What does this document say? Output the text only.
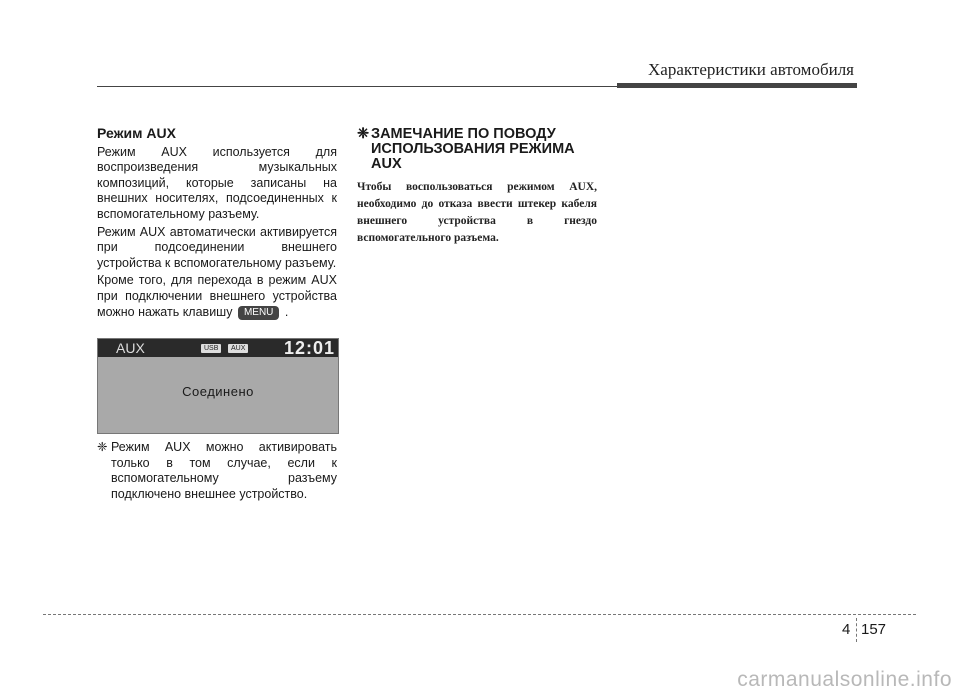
Характеристики автомобиля
Режим AUX

Режим AUX используется для воспроизведения музыкальных композиций, которые записаны на внешних носителях, подсоединенных к вспомогательному разъему.

Режим AUX автоматически активируется при подсоединении внешнего устройства к вспомогательному разъему.

Кроме того, для перехода в режим AUX при подключении внешнего устройства можно нажать клавишу MENU .

AUX	USB	AUX 12:01
Соединено
❈ Режим AUX можно активировать только в том случае, если к вспомогательному разъему подключено внешнее устройство.
❈ ЗАМЕЧАНИЕ ПО ПОВОДУ ИСПОЛЬЗОВАНИЯ РЕЖИМА AUX
Чтобы воспользоваться режимом AUX, необходимо до отказа ввести штекер кабеля внешнего устройства в гнездо вспомогательного разъема.
4 157
carmanualsonline.info
